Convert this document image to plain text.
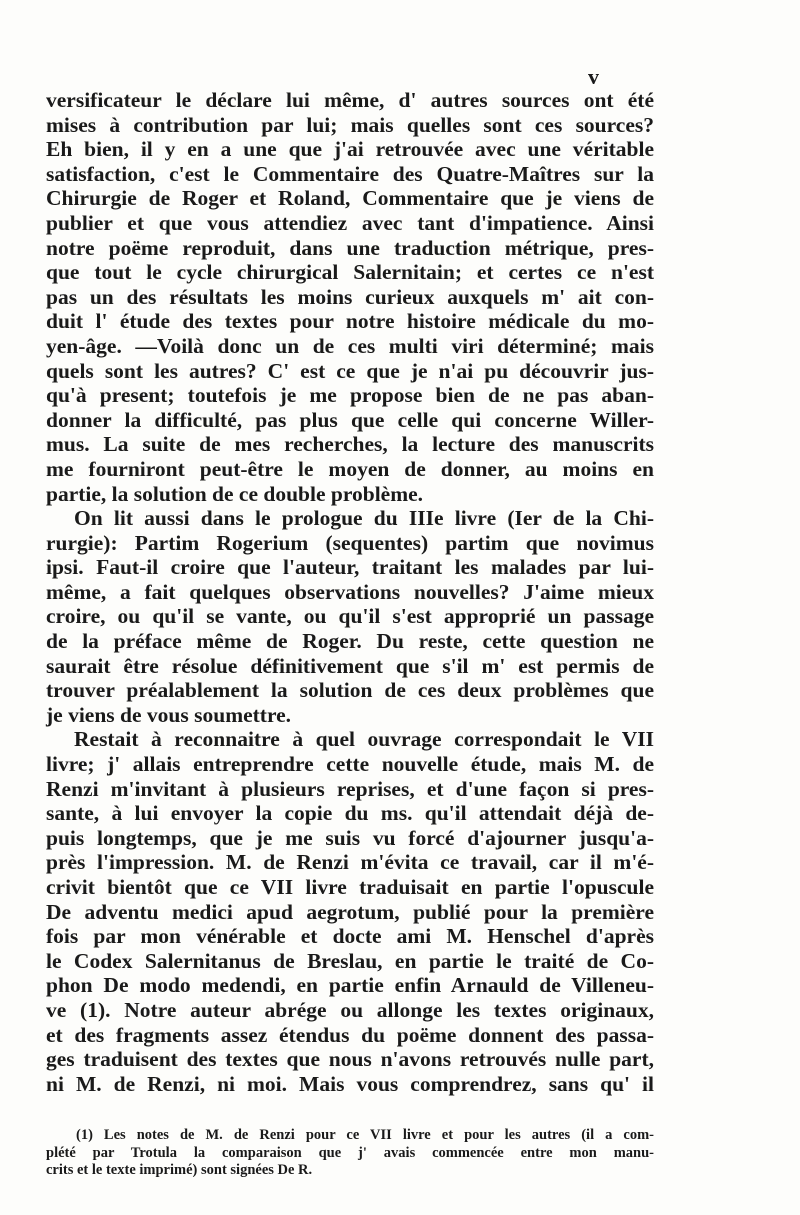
v
versificateur le déclare lui même, d' autres sources ont été
mises à contribution par lui; mais quelles sont ces sources?
Eh bien, il y en a une que j'ai retrouvée avec une véritable
satisfaction, c'est le Commentaire des Quatre-Maîtres sur la
Chirurgie de Roger et Roland, Commentaire que je viens de
publier et que vous attendiez avec tant d'impatience. Ainsi
notre poëme reproduit, dans une traduction métrique, pres-
que tout le cycle chirurgical Salernitain; et certes ce n'est
pas un des résultats les moins curieux auxquels m' ait con-
duit l' étude des textes pour notre histoire médicale du mo-
yen-âge. —Voilà donc un de ces multi viri déterminé; mais
quels sont les autres? C' est ce que je n'ai pu découvrir jus-
qu'à present; toutefois je me propose bien de ne pas aban-
donner la difficulté, pas plus que celle qui concerne Willer-
mus. La suite de mes recherches, la lecture des manuscrits
me fourniront peut-être le moyen de donner, au moins en
partie, la solution de ce double problème.
On lit aussi dans le prologue du IIIe livre (Ier de la Chi-
rurgie): Partim Rogerium (sequentes) partim que novimus
ipsi. Faut-il croire que l'auteur, traitant les malades par lui-
même, a fait quelques observations nouvelles? J'aime mieux
croire, ou qu'il se vante, ou qu'il s'est approprié un passage
de la préface même de Roger. Du reste, cette question ne
saurait être résolue définitivement que s'il m' est permis de
trouver préalablement la solution de ces deux problèmes que
je viens de vous soumettre.
Restait à reconnaitre à quel ouvrage correspondait le VII
livre; j' allais entreprendre cette nouvelle étude, mais M. de
Renzi m'invitant à plusieurs reprises, et d'une façon si pres-
sante, à lui envoyer la copie du ms. qu'il attendait déjà de-
puis longtemps, que je me suis vu forcé d'ajourner jusqu'a-
près l'impression. M. de Renzi m'évita ce travail, car il m'é-
crivit bientôt que ce VII livre traduisait en partie l'opuscule
De adventu medici apud aegrotum, publié pour la première
fois par mon vénérable et docte ami M. Henschel d'après
le Codex Salernitanus de Breslau, en partie le traité de Co-
phon De modo medendi, en partie enfin Arnauld de Villeneu-
ve (1). Notre auteur abrége ou allonge les textes originaux,
et des fragments assez étendus du poëme donnent des passa-
ges traduisent des textes que nous n'avons retrouvés nulle part,
ni M. de Renzi, ni moi. Mais vous comprendrez, sans qu' il
(1) Les notes de M. de Renzi pour ce VII livre et pour les autres (il a com-
plété par Trotula la comparaison que j' avais commencée entre mon manu-
crits et le texte imprimé) sont signées De R.
